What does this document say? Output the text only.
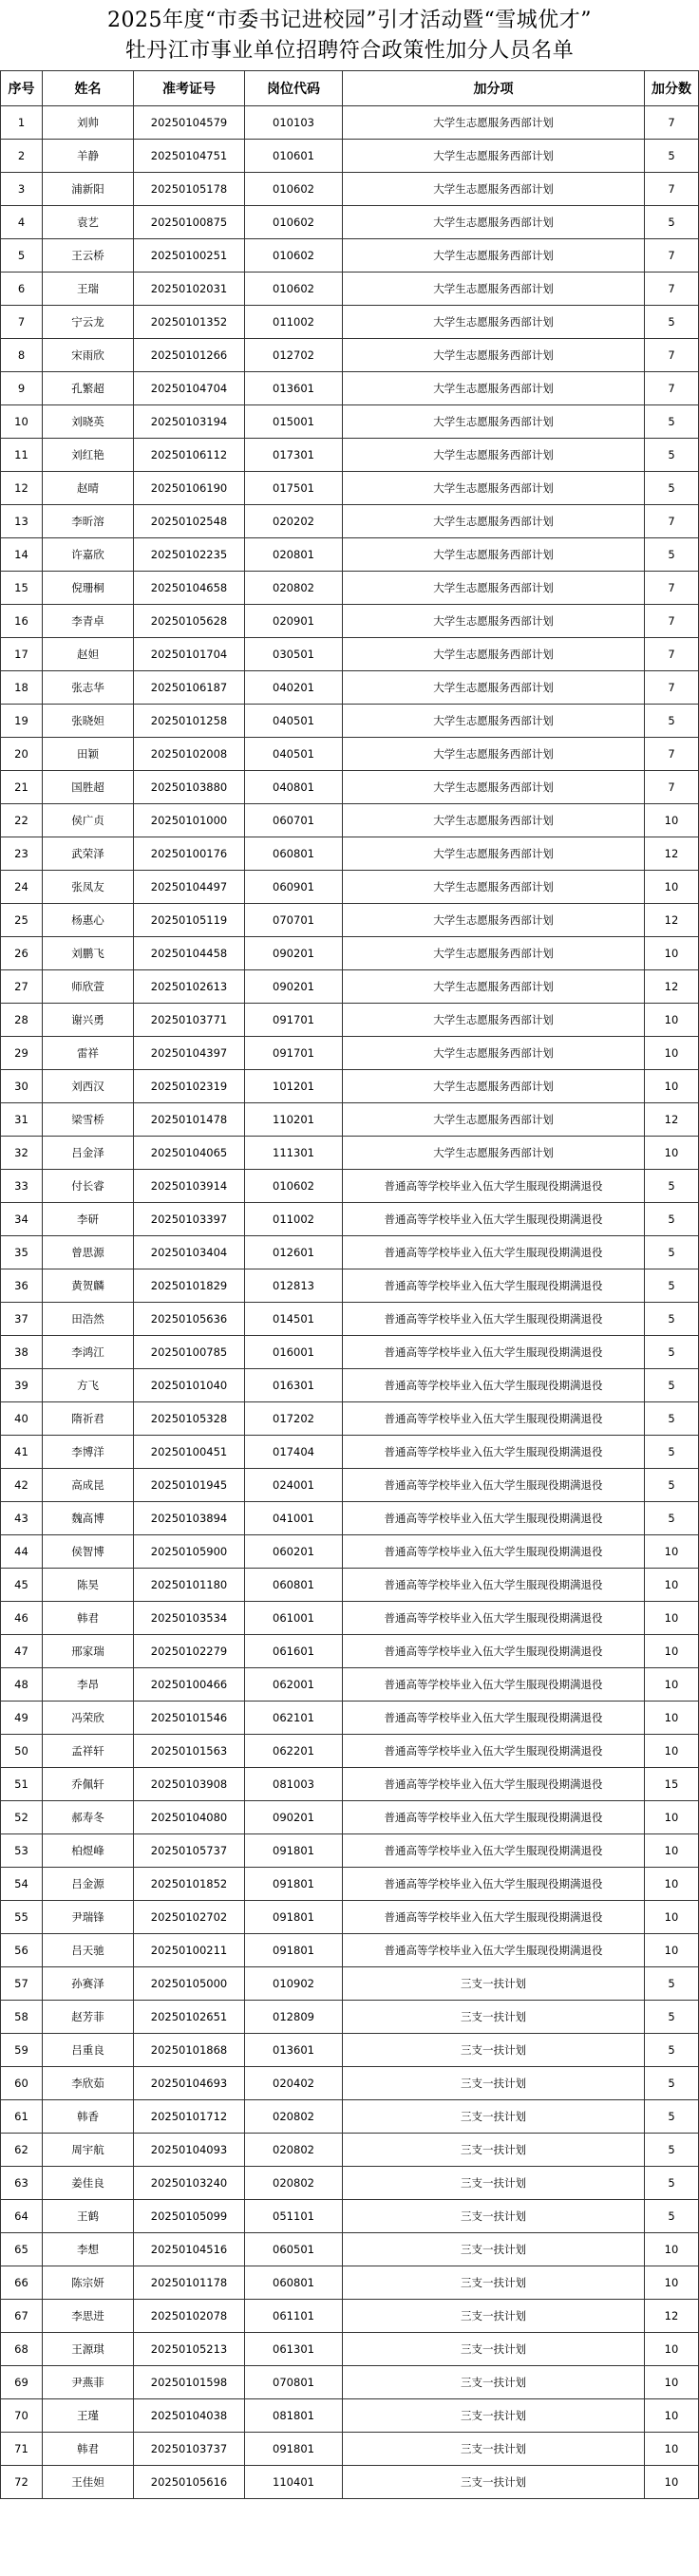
2025年度“市委书记进校园”引才活动暨“雪城优才”
牡丹江市事业单位招聘符合政策性加分人员名单
序号	姓名	准考证号	岗位代码	加分项	加分数
1	刘帅	20250104579	010103	大学生志愿服务西部计划	7
2	羊静	20250104751	010601	大学生志愿服务西部计划	5
3	浦新阳	20250105178	010602	大学生志愿服务西部计划	7
4	袁艺	20250100875	010602	大学生志愿服务西部计划	5
5	王云桥	20250100251	010602	大学生志愿服务西部计划	7
6	王瑞	20250102031	010602	大学生志愿服务西部计划	7
7	宁云龙	20250101352	011002	大学生志愿服务西部计划	5
8	宋雨欣	20250101266	012702	大学生志愿服务西部计划	7
9	孔繁超	20250104704	013601	大学生志愿服务西部计划	7
10	刘晓英	20250103194	015001	大学生志愿服务西部计划	5
11	刘红艳	20250106112	017301	大学生志愿服务西部计划	5
12	赵晴	20250106190	017501	大学生志愿服务西部计划	5
13	李昕溶	20250102548	020202	大学生志愿服务西部计划	7
14	许嘉欣	20250102235	020801	大学生志愿服务西部计划	5
15	倪珊桐	20250104658	020802	大学生志愿服务西部计划	7
16	李青卓	20250105628	020901	大学生志愿服务西部计划	7
17	赵妲	20250101704	030501	大学生志愿服务西部计划	7
18	张志华	20250106187	040201	大学生志愿服务西部计划	7
19	张晓妲	20250101258	040501	大学生志愿服务西部计划	5
20	田颖	20250102008	040501	大学生志愿服务西部计划	7
21	国胜超	20250103880	040801	大学生志愿服务西部计划	7
22	侯广贞	20250101000	060701	大学生志愿服务西部计划	10
23	武荣泽	20250100176	060801	大学生志愿服务西部计划	12
24	张凤友	20250104497	060901	大学生志愿服务西部计划	10
25	杨惠心	20250105119	070701	大学生志愿服务西部计划	12
26	刘鹏飞	20250104458	090201	大学生志愿服务西部计划	10
27	师欣萱	20250102613	090201	大学生志愿服务西部计划	12
28	谢兴勇	20250103771	091701	大学生志愿服务西部计划	10
29	雷祥	20250104397	091701	大学生志愿服务西部计划	10
30	刘西汉	20250102319	101201	大学生志愿服务西部计划	10
31	梁雪桥	20250101478	110201	大学生志愿服务西部计划	12
32	吕金泽	20250104065	111301	大学生志愿服务西部计划	10
33	付长睿	20250103914	010602	普通高等学校毕业入伍大学生服现役期满退役	5
34	李研	20250103397	011002	普通高等学校毕业入伍大学生服现役期满退役	5
35	曾思源	20250103404	012601	普通高等学校毕业入伍大学生服现役期满退役	5
36	黄贺麟	20250101829	012813	普通高等学校毕业入伍大学生服现役期满退役	5
37	田浩然	20250105636	014501	普通高等学校毕业入伍大学生服现役期满退役	5
38	李鸿江	20250100785	016001	普通高等学校毕业入伍大学生服现役期满退役	5
39	方飞	20250101040	016301	普通高等学校毕业入伍大学生服现役期满退役	5
40	隋祈君	20250105328	017202	普通高等学校毕业入伍大学生服现役期满退役	5
41	李博洋	20250100451	017404	普通高等学校毕业入伍大学生服现役期满退役	5
42	高成昆	20250101945	024001	普通高等学校毕业入伍大学生服现役期满退役	5
43	魏高博	20250103894	041001	普通高等学校毕业入伍大学生服现役期满退役	5
44	侯智博	20250105900	060201	普通高等学校毕业入伍大学生服现役期满退役	10
45	陈昊	20250101180	060801	普通高等学校毕业入伍大学生服现役期满退役	10
46	韩君	20250103534	061001	普通高等学校毕业入伍大学生服现役期满退役	10
47	邢家瑞	20250102279	061601	普通高等学校毕业入伍大学生服现役期满退役	10
48	李昂	20250100466	062001	普通高等学校毕业入伍大学生服现役期满退役	10
49	冯荣欣	20250101546	062101	普通高等学校毕业入伍大学生服现役期满退役	10
50	孟祥轩	20250101563	062201	普通高等学校毕业入伍大学生服现役期满退役	10
51	乔佩轩	20250103908	081003	普通高等学校毕业入伍大学生服现役期满退役	15
52	郝寿冬	20250104080	090201	普通高等学校毕业入伍大学生服现役期满退役	10
53	柏煜峰	20250105737	091801	普通高等学校毕业入伍大学生服现役期满退役	10
54	吕金源	20250101852	091801	普通高等学校毕业入伍大学生服现役期满退役	10
55	尹瑞锋	20250102702	091801	普通高等学校毕业入伍大学生服现役期满退役	10
56	吕天驰	20250100211	091801	普通高等学校毕业入伍大学生服现役期满退役	10
57	孙赛泽	20250105000	010902	三支一扶计划	5
58	赵芳菲	20250102651	012809	三支一扶计划	5
59	吕重良	20250101868	013601	三支一扶计划	5
60	李欣茹	20250104693	020402	三支一扶计划	5
61	韩香	20250101712	020802	三支一扶计划	5
62	周宇航	20250104093	020802	三支一扶计划	5
63	姜佳良	20250103240	020802	三支一扶计划	5
64	王鹤	20250105099	051101	三支一扶计划	5
65	李想	20250104516	060501	三支一扶计划	10
66	陈宗妍	20250101178	060801	三支一扶计划	10
67	李思进	20250102078	061101	三支一扶计划	12
68	王源琪	20250105213	061301	三支一扶计划	10
69	尹燕菲	20250101598	070801	三支一扶计划	10
70	王瑾	20250104038	081801	三支一扶计划	10
71	韩君	20250103737	091801	三支一扶计划	10
72	王佳妲	20250105616	110401	三支一扶计划	10
